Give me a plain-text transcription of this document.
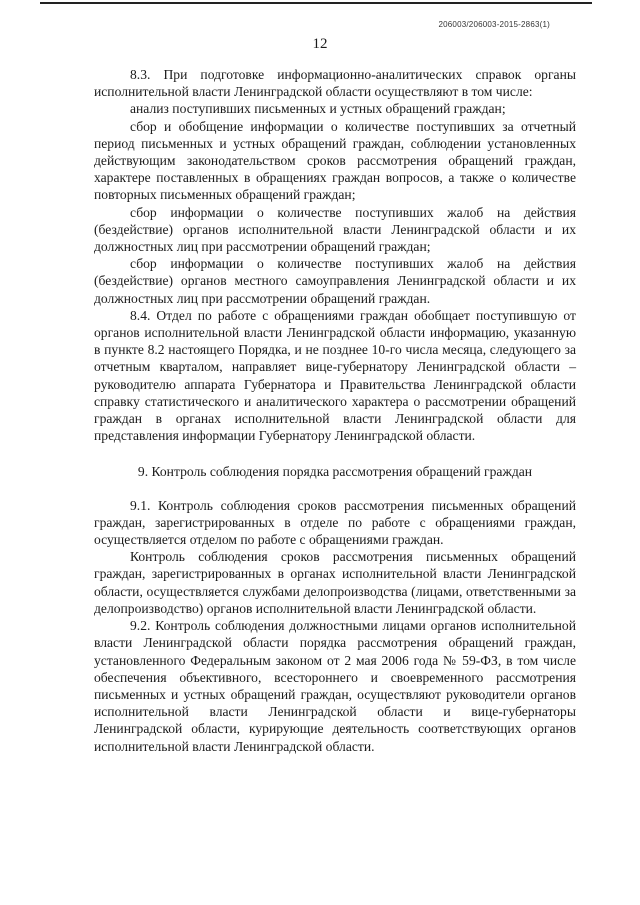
206003/206003-2015-2863(1)
12

8.3. При подготовке информационно-аналитических справок органы исполнительной власти Ленинградской области осуществляют в том числе:

анализ поступивших письменных и устных обращений граждан;

сбор и обобщение информации о количестве поступивших за отчетный период письменных и устных обращений граждан, соблюдении установленных действующим законодательством сроков рассмотрения обращений граждан, характере поставленных в обращениях граждан вопросов, а также о количестве повторных письменных обращений граждан;

сбор информации о количестве поступивших жалоб на действия (бездействие) органов исполнительной власти Ленинградской области и их должностных лиц при рассмотрении обращений граждан;

сбор информации о количестве поступивших жалоб на действия (бездействие) органов местного самоуправления Ленинградской области и их должностных лиц при рассмотрении обращений граждан.

8.4. Отдел по работе с обращениями граждан обобщает поступившую от органов исполнительной власти Ленинградской области информацию, указанную в пункте 8.2 настоящего Порядка, и не позднее 10-го числа месяца, следующего за отчетным кварталом, направляет вице-губернатору Ленинградской области – руководителю аппарата Губернатора и Правительства Ленинградской области справку статистического и аналитического характера о рассмотрении обращений граждан в органах исполнительной власти Ленинградской области для представления информации Губернатору Ленинградской области.

9. Контроль соблюдения порядка рассмотрения обращений граждан

9.1. Контроль соблюдения сроков рассмотрения письменных обращений граждан, зарегистрированных в отделе по работе с обращениями граждан, осуществляется отделом по работе с обращениями граждан.

Контроль соблюдения сроков рассмотрения письменных обращений граждан, зарегистрированных в органах исполнительной власти Ленинградской области, осуществляется службами делопроизводства (лицами, ответственными за делопроизводство) органов исполнительной власти Ленинградской области.

9.2. Контроль соблюдения должностными лицами органов исполнительной власти Ленинградской области порядка рассмотрения обращений граждан, установленного Федеральным законом от 2 мая 2006 года № 59-ФЗ, в том числе обеспечения объективного, всестороннего и своевременного рассмотрения письменных и устных обращений граждан, осуществляют руководители органов исполнительной власти Ленинградской области и вице-губернаторы Ленинградской области, курирующие деятельность соответствующих органов исполнительной власти Ленинградской области.
